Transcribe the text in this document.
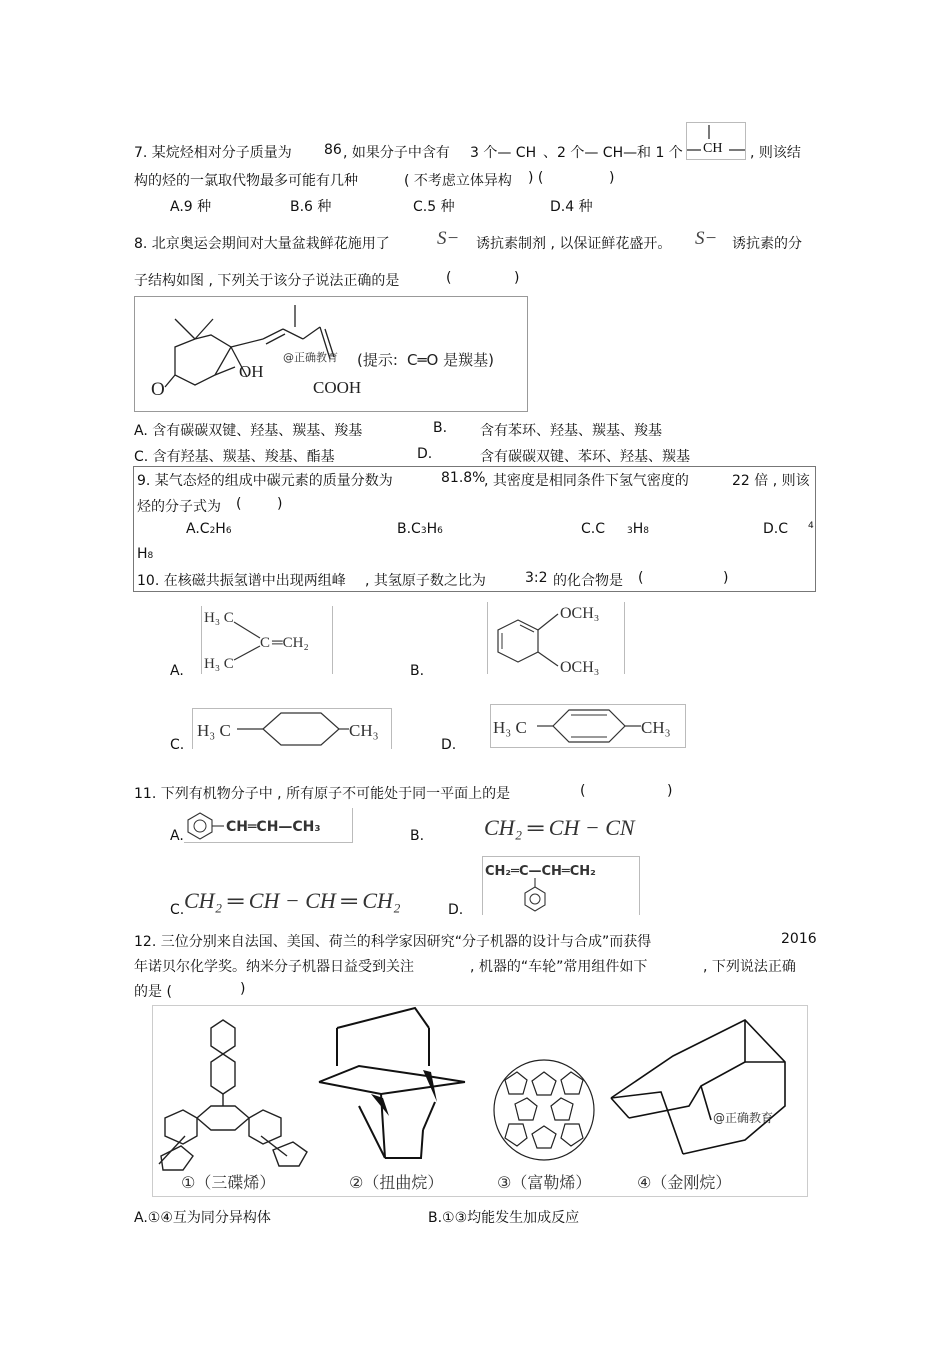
7. 某烷烃相对分子质量为 86 , 如果分子中含有 3 个— CH 、2 个— CH— 和 1 个 CH , 则该结
构的烃的一氯取代物最多可能有几种	( 不考虑立体异构 ) (	)
A.9 种	B.6 种	C.5 种	D.4 种
8. 北京奥运会期间对大量盆栽鲜花施用了 S− 诱抗素制剂 , 以保证鲜花盛开。 S− 诱抗素的分
子结构如图 , 下列关于该分子说法正确的是	(	)
O
OH
COOH
@正确教育 (提示: C═O 是羰基)
A. 含有碳碳双键、羟基、羰基、羧基	B. 含有苯环、羟基、羰基、羧基
C. 含有羟基、羰基、羧基、酯基	D.	含有碳碳双键、苯环、羟基、羰基
9. 某气态烃的组成中碳元素的质量分数为	81.8%
, 其密度是相同条件下氢气密度的	22 倍 , 则该
烃的分子式为 (	)
A.C2H6	B.C3H6	C.C 3H8	D.C $^4$
H8
10. 在核磁共振氢谱中出现两组峰 , 其氢原子数之比为	3:2 的化合物是 (	)
A.
H₃ C
H₃ C
C ═CH₂
B.
OCH₃
OCH₃
C.
H₃ C	CH₃
D.
H₃ C	CH₃
11. 下列有机物分子中 , 所有原子不可能处于同一平面上的是	(	)
A.
CH═CH—CH₃
B.	CH₂ ═ CH − CN
C. CH₂ ═ CH − CH ═ CH₂	D.
CH₂═C—CH═CH₂
12. 三位分别来自法国、美国、荷兰的科学家因研究“分子机器的设计与合成”而获得	2016
年诺贝尔化学奖。纳米分子机器日益受到关注	, 机器的“车轮”常用组件如下	, 下列说法正确
的是 (	)
@正确教育
①（三碟烯）	②（扭曲烷）	③（富勒烯）	④（金刚烷）
A.①④互为同分异构体	B.①③均能发生加成反应
